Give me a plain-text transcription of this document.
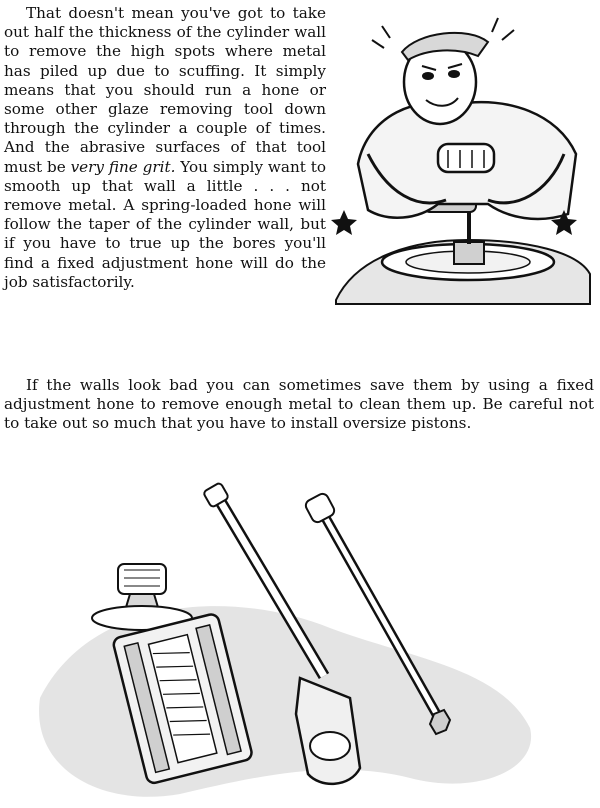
That doesn't mean you've got to take out half the thickness of the cylinder wall to remove the high spots where metal has piled up due to scuffing. It simply means that you should run a hone or some other glaze removing tool down through the cylinder a couple of times. And the abrasive surfaces of that tool must be very fine grit. You simply want to smooth up that wall a little . . . not remove metal. A spring-loaded hone will follow the taper of the cylinder wall, but if you have to true up the bores you'll find a fixed adjustment hone will do the job satisfactorily.

If the walls look bad you can sometimes save them by using a fixed adjustment hone to remove enough metal to clean them up. Be careful not to take out so much that you have to install oversize pistons.
